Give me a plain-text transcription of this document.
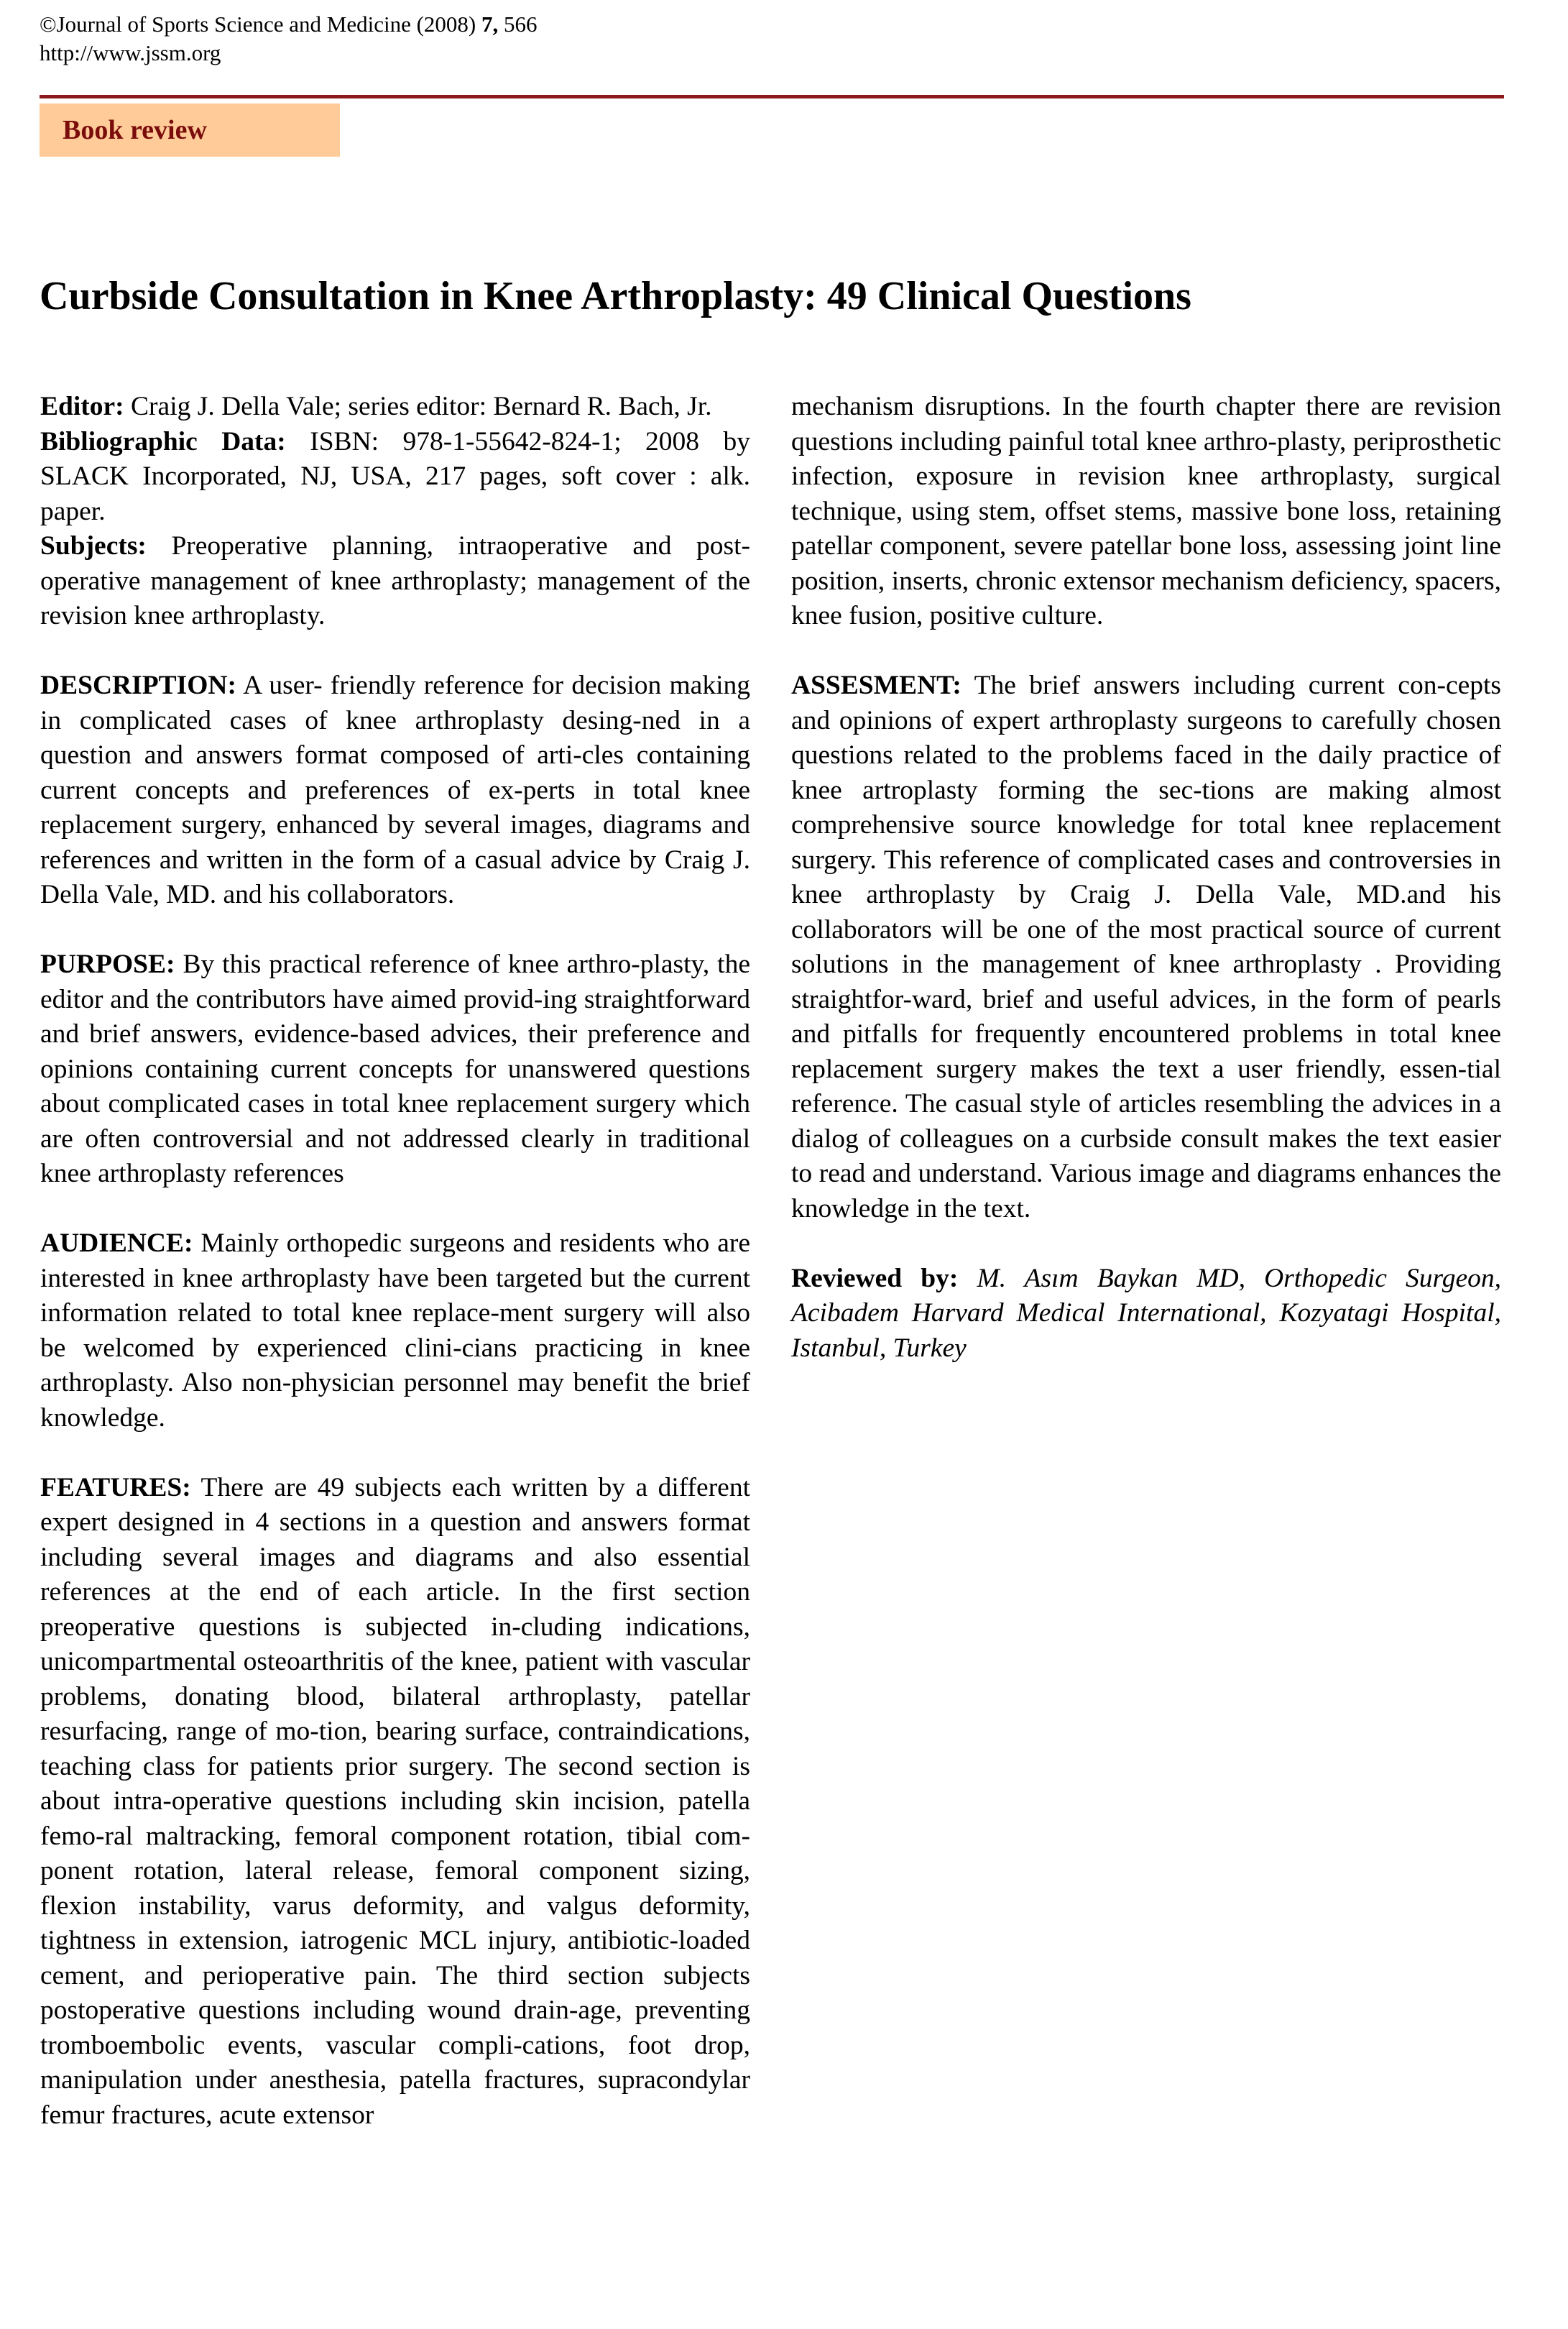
©Journal of Sports Science and Medicine (2008) 7, 566
http://www.jssm.org
Book review
Curbside Consultation in Knee Arthroplasty: 49 Clinical Questions

Editor: Craig J. Della Vale; series editor: Bernard R. Bach, Jr.

Bibliographic Data: ISBN: 978-1-55642-824-1; 2008 by SLACK Incorporated, NJ, USA, 217 pages, soft cover : alk. paper.

Subjects: Preoperative planning, intraoperative and post-operative management of knee arthroplasty; management of the revision knee arthroplasty.

DESCRIPTION: A user- friendly reference for decision making in complicated cases of knee arthroplasty desing-ned in a question and answers format composed of arti-cles containing current concepts and preferences of ex-perts in total knee replacement surgery, enhanced by several images, diagrams and references and written in the form of a casual advice by Craig J. Della Vale, MD. and his collaborators.

PURPOSE: By this practical reference of knee arthro-plasty, the editor and the contributors have aimed provid-ing straightforward and brief answers, evidence-based advices, their preference and opinions containing current concepts for unanswered questions about complicated cases in total knee replacement surgery which are often controversial and not addressed clearly in traditional knee arthroplasty references

AUDIENCE: Mainly orthopedic surgeons and residents who are interested in knee arthroplasty have been targeted but the current information related to total knee replace-ment surgery will also be welcomed by experienced clini-cians practicing in knee arthroplasty. Also non-physician personnel may benefit the brief knowledge.

FEATURES: There are 49 subjects each written by a different expert designed in 4 sections in a question and answers format including several images and diagrams and also essential references at the end of each article. In the first section preoperative questions is subjected in-cluding indications, unicompartmental osteoarthritis of the knee, patient with vascular problems, donating blood, bilateral arthroplasty, patellar resurfacing, range of mo-tion, bearing surface, contraindications, teaching class for patients prior surgery. The second section is about intra-operative questions including skin incision, patella femo-ral maltracking, femoral component rotation, tibial com-ponent rotation, lateral release, femoral component sizing, flexion instability, varus deformity, and valgus deformity, tightness in extension, iatrogenic MCL injury, antibiotic-loaded cement, and perioperative pain. The third section subjects postoperative questions including wound drain-age, preventing tromboembolic events, vascular compli-cations, foot drop, manipulation under anesthesia, patella fractures, supracondylar femur fractures, acute extensor

mechanism disruptions. In the fourth chapter there are revision questions including painful total knee arthro-plasty, periprosthetic infection, exposure in revision knee arthroplasty, surgical technique, using stem, offset stems, massive bone loss, retaining patellar component, severe patellar bone loss, assessing joint line position, inserts, chronic extensor mechanism deficiency, spacers, knee fusion, positive culture.

ASSESMENT: The brief answers including current con-cepts and opinions of expert arthroplasty surgeons to carefully chosen questions related to the problems faced in the daily practice of knee artroplasty forming the sec-tions are making almost comprehensive source knowledge for total knee replacement surgery. This reference of complicated cases and controversies in knee arthroplasty by Craig J. Della Vale, MD.and his collaborators will be one of the most practical source of current solutions in the management of knee arthroplasty . Providing straightfor-ward, brief and useful advices, in the form of pearls and pitfalls for frequently encountered problems in total knee replacement surgery makes the text a user friendly, essen-tial reference. The casual style of articles resembling the advices in a dialog of colleagues on a curbside consult makes the text easier to read and understand. Various image and diagrams enhances the knowledge in the text.

Reviewed by: M. Asım Baykan MD, Orthopedic Surgeon, Acibadem Harvard Medical International, Kozyatagi Hospital, Istanbul, Turkey
